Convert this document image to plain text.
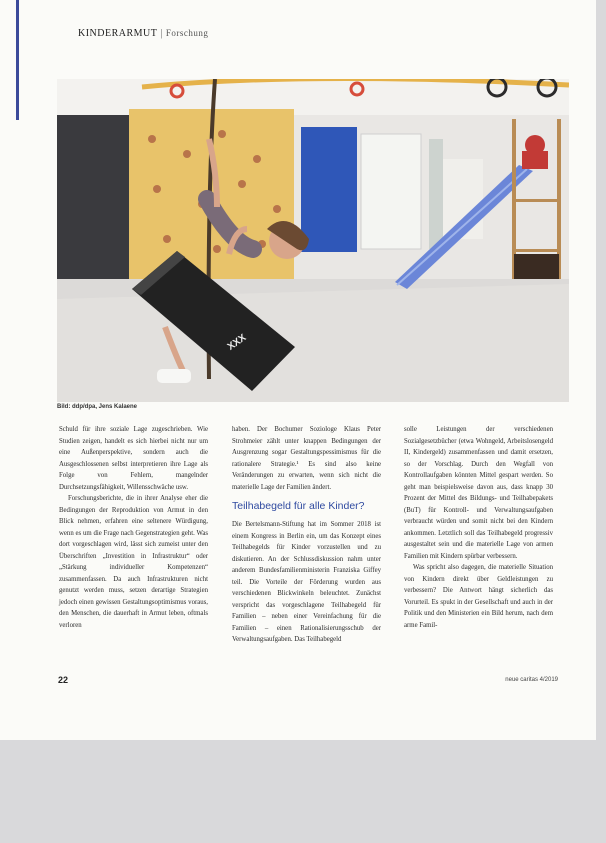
KINDERARMUT | Forschung
XXX
Bild: ddp/dpa, Jens Kalaene

Schuld für ihre soziale Lage zugeschrieben. Wie Studien zeigen, handelt es sich hierbei nicht nur um eine Außenperspektive, sondern auch die Ausgeschlossenen selbst interpretieren ihre Lage als Folge von Fehlern, mangelnder Durchsetzungsfähigkeit, Willensschwäche usw.

Forschungsberichte, die in ihrer Analyse eher die Bedingungen der Reproduktion von Armut in den Blick nehmen, erfahren eine seltenere Würdigung, wenn es um die Frage nach Gegenstrategien geht. Was dort vorgeschlagen wird, lässt sich zumeist unter den Überschriften „Investition in Infrastruktur“ oder „Stärkung individueller Kompetenzen“ zusammenfassen. Da auch Infrastrukturen nicht genutzt werden muss, setzen derartige Strategien jedoch einen gewissen Gestaltungsoptimismus voraus, den Menschen, die dauerhaft in Armut leben, oftmals verloren

haben. Der Bochumer Soziologe Klaus Peter Strohmeier zählt unter knappen Bedingungen der Ausgrenzung sogar Gestaltungspessimismus für die rationalere Strategie.¹ Es sind also keine Veränderungen zu erwarten, wenn sich nicht die materielle Lage der Familien ändert.

Teilhabegeld für alle Kinder?

Die Bertelsmann-Stiftung hat im Sommer 2018 ist einem Kongress in Berlin ein, um das Konzept eines Teilhabegelds für Kinder vorzustellen und zu diskutieren. An der Schlussdiskussion nahm unter anderem Bundesfamilienministerin Franziska Giffey teil. Die Vorteile der Förderung wurden aus verschiedenen Blickwinkeln beleuchtet. Zunächst verspricht das vorgeschlagene Teilhabegeld für Familien – neben einer Vereinfachung für die Familien – einen Rationalisierungsschub der Verwaltungsaufgaben. Das Teilhabegeld

solle Leistungen der verschiedenen Sozialgesetzbücher (etwa Wohngeld, Arbeitslosengeld II, Kindergeld) zusammenfassen und damit ersetzen, so der Vorschlag. Durch den Wegfall von Kontrollaufgaben könnten Mittel gespart werden. So geht man beispielsweise davon aus, dass knapp 30 Prozent der Mittel des Bildungs- und Teilhabepakets (BuT) für Kontroll- und Verwaltungsaufgaben verbraucht würden und somit nicht bei den Kindern ankommen. Letztlich soll das Teilhabegeld progressiv ausgestaltet sein und die materielle Lage von armen Familien mit Kindern spürbar verbessern.

Was spricht also dagegen, die materielle Situation von Kindern direkt über Geldleistungen zu verbessern? Die Antwort hängt sicherlich das Vorurteil. Es spukt in der Gesellschaft und auch in der Politik und den Ministerien ein Bild herum, nach dem arme Famil-

22	neue caritas 4/2019
